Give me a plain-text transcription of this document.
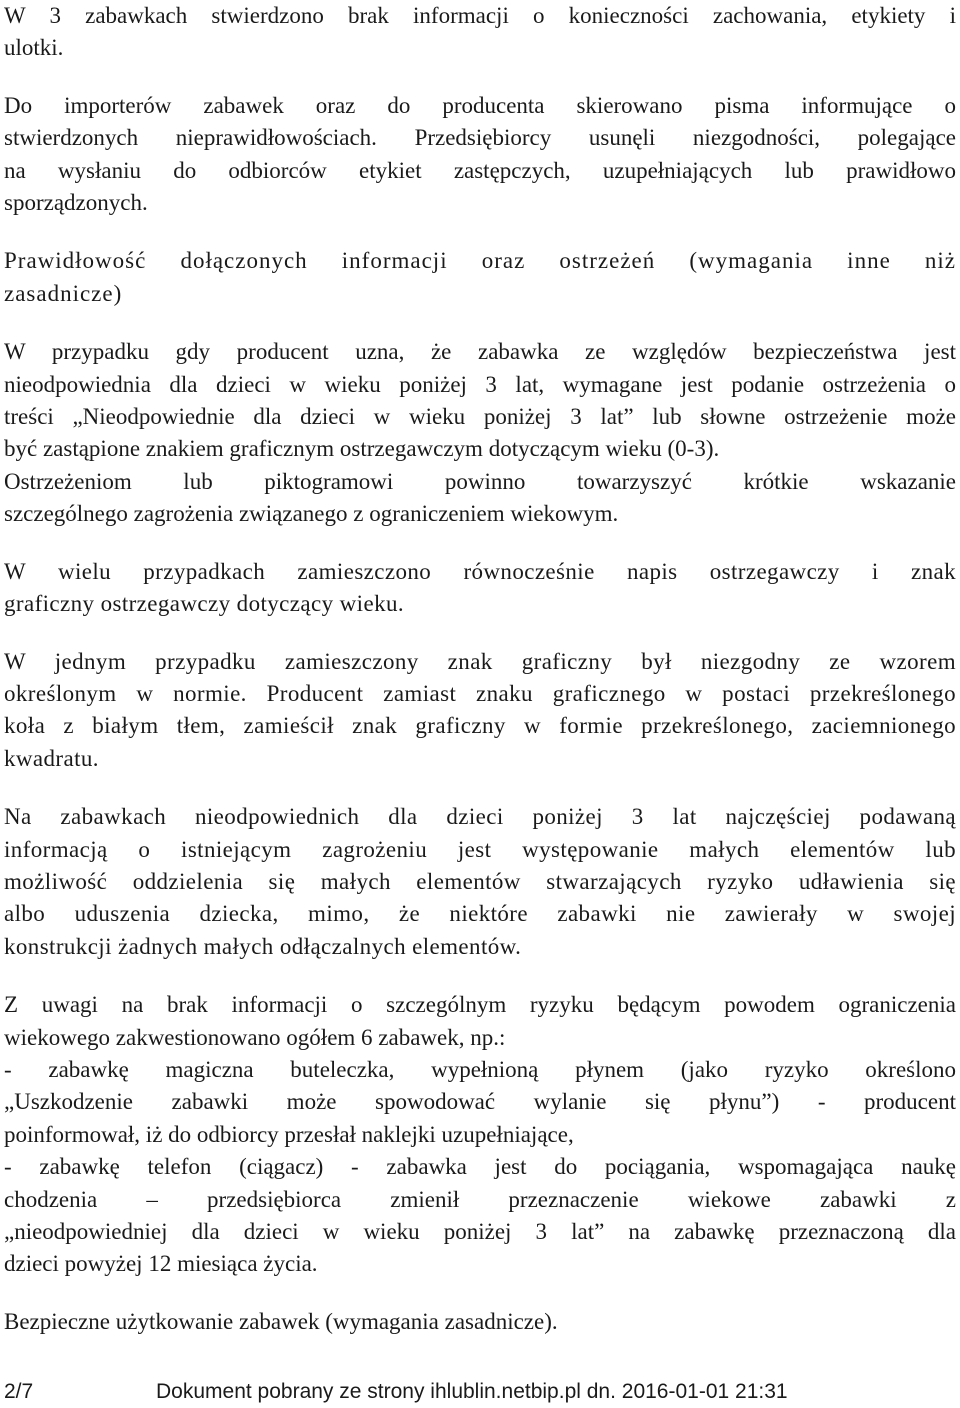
W 3 zabawkach stwierdzono brak informacji o konieczności zachowania, etykiety i
ulotki.

Do importerów zabawek oraz do producenta skierowano pisma informujące o
stwierdzonych nieprawidłowościach. Przedsiębiorcy usunęli niezgodności, polegające
na wysłaniu do odbiorców etykiet zastępczych, uzupełniających lub prawidłowo
sporządzonych.

Prawidłowość dołączonych informacji oraz ostrzeżeń (wymagania inne niż
zasadnicze)

W przypadku gdy producent uzna, że zabawka ze względów bezpieczeństwa jest
nieodpowiednia dla dzieci w wieku poniżej 3 lat, wymagane jest podanie ostrzeżenia o
treści „Nieodpowiednie dla dzieci w wieku poniżej 3 lat” lub słowne ostrzeżenie może
być zastąpione znakiem graficznym ostrzegawczym dotyczącym wieku (0-3).
Ostrzeżeniom lub piktogramowi powinno towarzyszyć krótkie wskazanie
szczególnego zagrożenia związanego z ograniczeniem wiekowym.

W wielu przypadkach zamieszczono równocześnie napis ostrzegawczy i znak
graficzny ostrzegawczy dotyczący wieku.

W jednym przypadku zamieszczony znak graficzny był niezgodny ze wzorem
określonym w normie. Producent zamiast znaku graficznego w postaci przekreślonego
koła z białym tłem, zamieścił znak graficzny w formie przekreślonego, zaciemnionego
kwadratu.

Na zabawkach nieodpowiednich dla dzieci poniżej 3 lat najczęściej podawaną
informacją o istniejącym zagrożeniu jest występowanie małych elementów lub
możliwość oddzielenia się małych elementów stwarzających ryzyko udławienia się
albo uduszenia dziecka, mimo, że niektóre zabawki nie zawierały w swojej
konstrukcji żadnych małych odłączalnych elementów.

Z uwagi na brak informacji o szczególnym ryzyku będącym powodem ograniczenia
wiekowego zakwestionowano ogółem 6 zabawek, np.:
- zabawkę magiczna buteleczka, wypełnioną płynem (jako ryzyko określono
„Uszkodzenie zabawki może spowodować wylanie się płynu”) - producent
poinformował, iż do odbiorcy przesłał naklejki uzupełniające,
- zabawkę telefon (ciągacz) - zabawka jest do pociągania, wspomagająca naukę
chodzenia – przedsiębiorca zmienił przeznaczenie wiekowe zabawki z
„nieodpowiedniej dla dzieci w wieku poniżej 3 lat” na zabawkę przeznaczoną dla
dzieci powyżej 12 miesiąca życia.

Bezpieczne użytkowanie zabawek (wymagania zasadnicze).

2/7	Dokument pobrany ze strony ihlublin.netbip.pl dn. 2016-01-01 21:31
